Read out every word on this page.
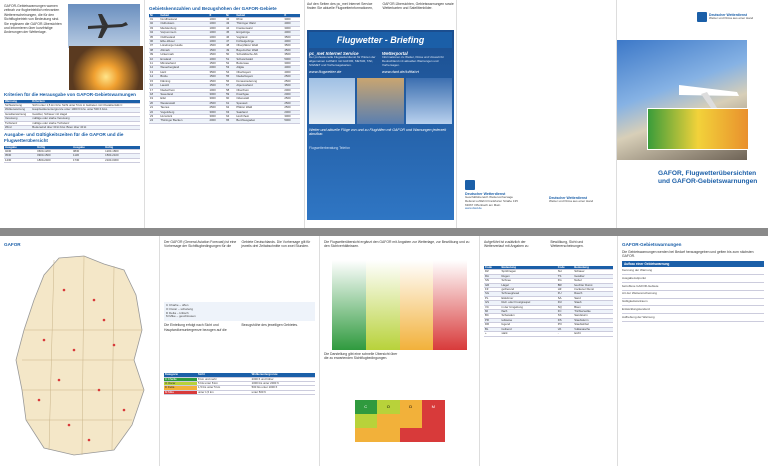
GAFOR-Gebietswarnungen warnen zeitnah vor flugbetrieblich relevanten Wettererscheinungen, die für den Sichtflugbetrieb von Bedeutung sind. Sie ergänzen die GAFOR-Übersichten und informieren über kurzfristige Änderungen der Wetterlage.
Kriterien für die Herausgabe von GAFOR-Gebietswarnungen
Warnung	Kriterium
Sichtwarnung	Sicht unter 1,5 km bzw. Sicht unter 5 km in Gebieten mit Charakteristik C
Wolkenwarnung	Hauptwolkenuntergrenze unter 1000 ft bzw. unter 500 ft AGL
Gewitterwarnung	Gewitter, Schauer mit Hagel
Vereisung	mäßige oder starke Vereisung
Turbulenz	mäßige oder starke Turbulenz
Wind	Bodenwind über 30 kt bzw. Böen über 40 kt
Ausgabe- und Gültigkeitszeiten für die GAFOR und die Flugwetterübersicht
Ausgabe	Gültig	Ausgabe	Gültig
0230	0600-1200	0830	1200-1800
0530	0900-1500	1130	1500-2100
1430	1800-2400	1730	2100-0300
Gebietskennzahlen und Bezugshöhen der GAFOR-Gebiete
Nr	Gebiet	ft	Nr	Gebiet	ft
01	Nordfriesland	1000	42	Rhön	3000
02	Ostholstein	1000	43	Thüringer Wald	4000
03	Mecklenburg	1000	44	Frankenwald	3000
04	Vorpommern	1000	45	Erzgebirge	4000
05	Ostfriesland	1000	46	Vogtland	3500
06	Elbe-Weser	1000	47	Fichtelgebirge	4000
07	Lüneburger Heide	1500	48	Oberpfälzer Wald	3500
08	Altmark	1500	49	Bayerischer Wald	4500
09	Uckermark	1500	50	Schwäbische Alb	3500
10	Emsland	1000	51	Schwarzwald	5000
11	Münsterland	1500	52	Bodensee	3000
12	Weserbergland	2000	53	Allgäu	4000
13	Harz	3500	54	Oberbayern	4000
14	Börde	1500	55	Niederbayern	2500
15	Fläming	1500	56	Donauniederung	2500
16	Lausitz	1500	57	Alpenvorland	3500
17	Niederrhein	1000	58	Oberrhein	2000
18	Sauerland	3000	59	Kraichgau	2000
19	Eifel	3000	60	Odenwald	2500
20	Westerwald	2500	61	Spessart	2500
21	Taunus	2500	62	Pfälzer Wald	2500
22	Vogelsberg	3000	63	Saarland	2000
23	Hunsrück	3000	64	Hochrhein	3000
24	Thüringer Becken	2000	65	Berchtesgaden	5000
Auf den Seiten des pc_met Internet Service finden Sie aktuelle Flugwetterinformationen, GAFOR-Übersichten, Gebietswarnungen sowie Wetterkarten und Satellitenbilder.
Flugwetter - Briefing
pc_met Internet Service
Der professionelle Flugwetterdienst für Piloten der allgemeinen Luftfahrt mit GAFOR, METAR, TAF, SIGMET und Vorhersagekarten.
www.flugwetter.de
Wetterportal
Informationen zu Wetter, Klima und Umwelt für Deutschland mit aktuellen Warnungen und Vorhersagen.
www.dwd.de/luftfahrt
Wetter und aktuelle Flüge von und zu Flughäfen mit GAFOR und Warnungen jederzeit abrufbar.
Flugwetterberatung Telefon
Deutscher Wetterdienst
Geschäftsbereich Wettervorhersage Referat Luftfahrt Frankfurter Straße 135 63067 Offenbach am Main
www.dwd.de
Deutscher Wetterdienst
Wetter und Klima aus einer Hand
Deutscher Wetterdienst
Wetter und Klima aus einer Hand
GAFOR, Flugwetterübersichten und GAFOR-Gebietswarnungen
GAFOR	Der GAFOR (General Aviation Forecast) ist eine Vorhersage der Sichtflugbedingungen für die Gebiete Deutschlands. Die Vorhersage gilt für jeweils drei Zeitabschnitte von zwei Stunden.
C Charlie – offen
O Oscar – schwierig
D Delta – kritisch
M Mike – geschlossen
Die Einteilung erfolgt nach Sicht und Hauptwolkenuntergrenze bezogen auf die Bezugshöhe des jeweiligen Gebietes.
Kategorie	Sicht	Wolkenuntergrenze
C Charlie	8 km und mehr	2000 ft und höher
O Oscar	5 bis unter 8 km	1000 bis unter 2000 ft
D Delta	1,5 bis unter 5 km	500 bis unter 1000 ft
M Mike	unter 1,5 km	unter 500 ft
Die Flugwetterübersicht ergänzt den GAFOR mit Angaben zur Wetterlage, zur Bewölkung und zu den Sichtverhältnissen.
Die Darstellung gibt eine schnelle Übersicht über die zu erwartenden Sichtflugbedingungen.
C	O	D	M
Aufgeführt ist zusätzlich der Wetterverlauf mit Angaben zu Bewölkung, Sicht und Wettererscheinungen.
Code	Bedeutung	Code	Bedeutung
DZ	Sprühregen	SH	Schauer
RA	Regen	TS	Gewitter
SN	Schnee	FG	Nebel
GR	Hagel	BR	feuchter Dunst
FZ	gefrierend	HZ	trockener Dunst
SG	Schneegriesel	FU	Rauch
PL	Eiskörner	SA	Sand
GS	Reif- oder Frostgraupel	DU	Staub
VC	in der Umgebung	SQ	Böen
MI	flach	FC	Trichterwolke
BC	Schwaden	SS	Sandsturm
PR	teilweise	DS	Staubsturm
DR	fegend	PO	Staubwirbel
BL	treibend	VA	Vulkanasche
+	stark	-	leicht
GAFOR-Gebietswarnungen
Die Gebietswarnungen werden bei Bedarf herausgegeben und gelten bis zum nächsten GAFOR.
Aufbau einer Gebietswarnung
Kennung der Warnung
Ausgabezeitpunkt
betroffene GAFOR-Gebiete
Art der Wettererscheinung
Gültigkeitszeitraum
Entwicklungstendenz
Aufhebung der Warnung
